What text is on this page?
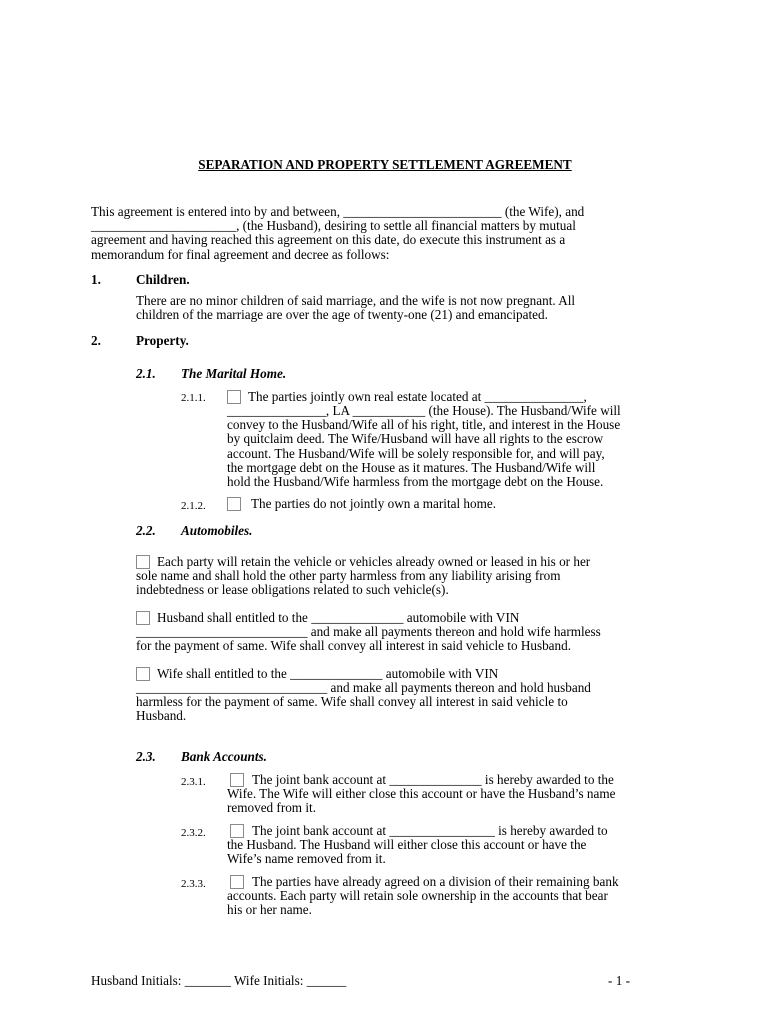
SEPARATION AND PROPERTY SETTLEMENT AGREEMENT
This agreement is entered into by and between, ________________________ (the Wife), and
______________________, (the Husband), desiring to settle all financial matters by mutual
agreement and having reached this agreement on this date, do execute this instrument as a
memorandum for final agreement and decree as follows:
1.	Children.
There are no minor children of said marriage, and the wife is not now pregnant. All
children of the marriage are over the age of twenty-one (21) and emancipated.
2.	Property.
2.1. The Marital Home.
2.1.1.	The parties jointly own real estate located at _______________,
_______________, LA ___________ (the House). The Husband/Wife will
convey to the Husband/Wife all of his right, title, and interest in the House
by quitclaim deed. The Wife/Husband will have all rights to the escrow
account. The Husband/Wife will be solely responsible for, and will pay,
the mortgage debt on the House as it matures. The Husband/Wife will
hold the Husband/Wife harmless from the mortgage debt on the House.
2.1.2.	The parties do not jointly own a marital home.
2.2. Automobiles.
Each party will retain the vehicle or vehicles already owned or leased in his or her
sole name and shall hold the other party harmless from any liability arising from
indebtedness or lease obligations related to such vehicle(s).
Husband shall entitled to the ______________ automobile with VIN
__________________________ and make all payments thereon and hold wife harmless
for the payment of same. Wife shall convey all interest in said vehicle to Husband.
Wife shall entitled to the ______________ automobile with VIN
_____________________________ and make all payments thereon and hold husband
harmless for the payment of same. Wife shall convey all interest in said vehicle to
Husband.
2.3. Bank Accounts.
2.3.1.	The joint bank account at ______________ is hereby awarded to the
Wife. The Wife will either close this account or have the Husband’s name
removed from it.
2.3.2.	The joint bank account at ________________ is hereby awarded to
the Husband. The Husband will either close this account or have the
Wife’s name removed from it.
2.3.3.	The parties have already agreed on a division of their remaining bank
accounts. Each party will retain sole ownership in the accounts that bear
his or her name.
Husband Initials: _______ Wife Initials: ______	- 1 -
